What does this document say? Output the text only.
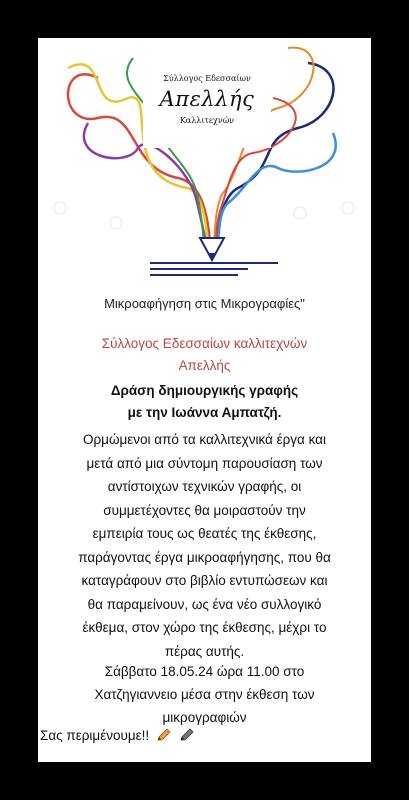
Σύλλογος Εδεσσαίων
Απελλής
Καλλιτεχνών
Μικροαφήγηση στις Μικρογραφίες"
Σύλλογος Εδεσσαίων καλλιτεχνών
Απελλής
Δράση δημιουργικής γραφής
με την Ιωάννα Αμπατζή.
Ορμώμενοι από τα καλλιτεχνικά έργα και
μετά από μια σύντομη παρουσίαση των
αντίστοιχων τεχνικών γραφής, οι
συμμετέχοντες θα μοιραστούν την
εμπειρία τους ως θεατές της έκθεσης,
παράγοντας έργα μικροαφήγησης, που θα
καταγράφουν στο βιβλίο εντυπώσεων και
θα παραμείνουν, ως ένα νέο συλλογικό
έκθεμα, στον χώρο της έκθεσης, μέχρι το
πέρας αυτής.
Σάββατο 18.05.24 ώρα 11.00 στο
Χατζηγιαννειο μέσα στην έκθεση των
μικρογραφιών
Σας περιμένουμε!!
